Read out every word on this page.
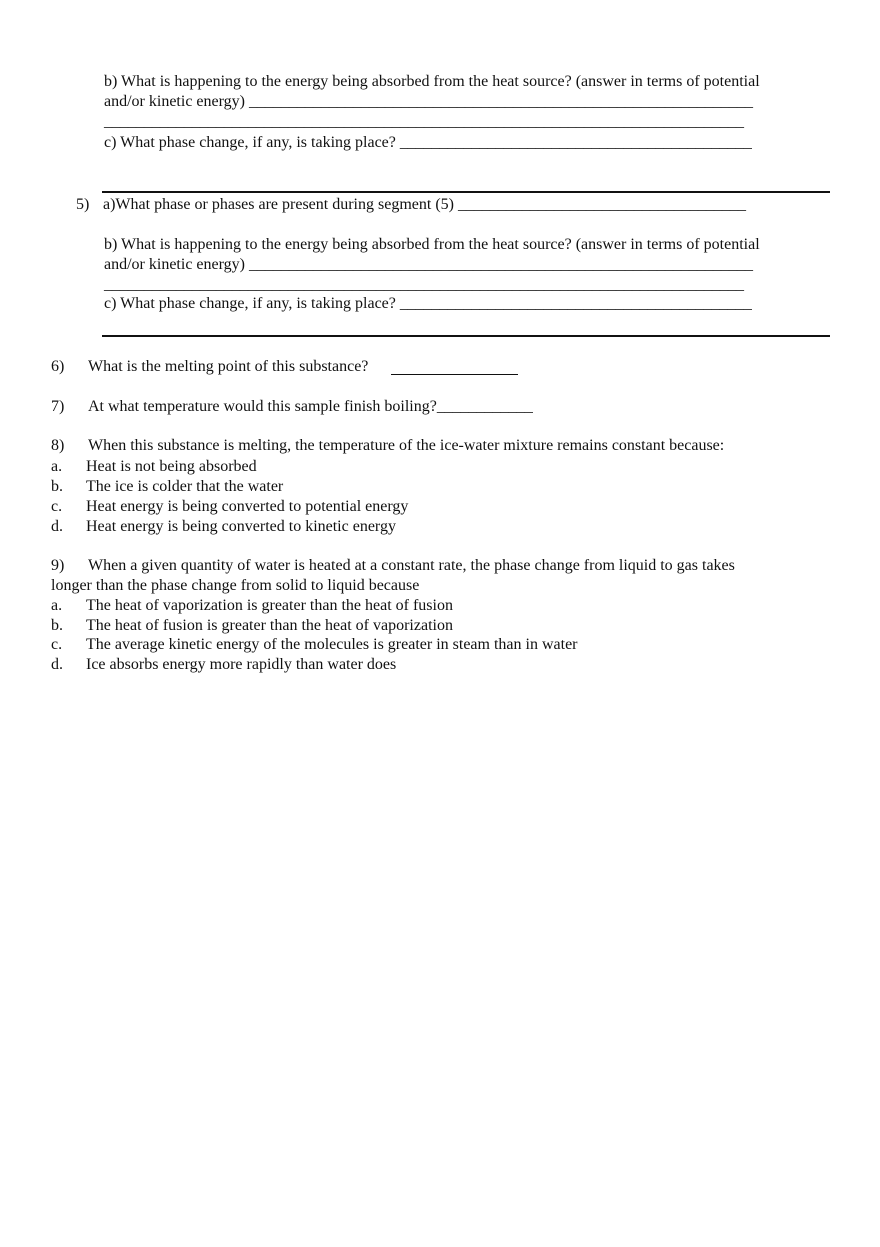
b) What is happening to the energy being absorbed from the heat source? (answer in terms of potential
and/or kinetic energy) _______________________________________________________________
________________________________________________________________________________
c) What phase change, if any, is taking place? ____________________________________________
5) a)What phase or phases are present during segment (5) ____________________________________
b) What is happening to the energy being absorbed from the heat source? (answer in terms of potential
and/or kinetic energy) _______________________________________________________________
________________________________________________________________________________
c) What phase change, if any, is taking place? ____________________________________________
6) What is the melting point of this substance?
7) At what temperature would this sample finish boiling?____________
8) When this substance is melting, the temperature of the ice-water mixture remains constant because:
a. Heat is not being absorbed
b. The ice is colder that the water
c. Heat energy is being converted to potential energy
d. Heat energy is being converted to kinetic energy
9) When a given quantity of water is heated at a constant rate, the phase change from liquid to gas takes
longer than the phase change from solid to liquid because
a. The heat of vaporization is greater than the heat of fusion
b. The heat of fusion is greater than the heat of vaporization
c. The average kinetic energy of the molecules is greater in steam than in water
d. Ice absorbs energy more rapidly than water does
